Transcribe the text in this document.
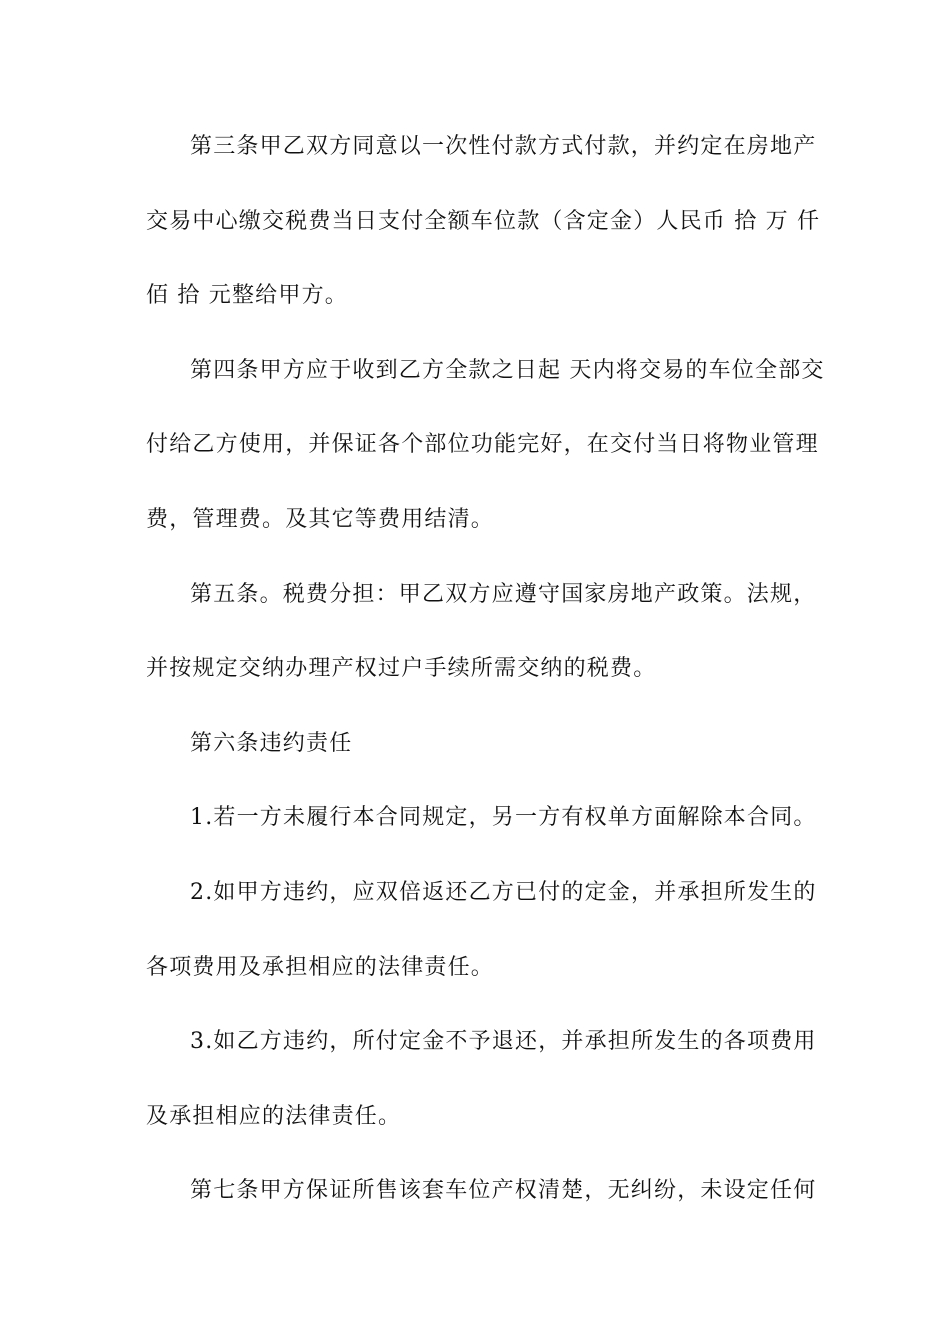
第三条甲乙双方同意以一次性付款方式付款，并约定在房地产
交易中心缴交税费当日支付全额车位款（含定金）人民币 拾 万 仟
佰 拾 元整给甲方。
第四条甲方应于收到乙方全款之日起 天内将交易的车位全部交
付给乙方使用，并保证各个部位功能完好，在交付当日将物业管理
费，管理费。及其它等费用结清。
第五条。税费分担：甲乙双方应遵守国家房地产政策。法规，
并按规定交纳办理产权过户手续所需交纳的税费。
第六条违约责任
1.若一方未履行本合同规定，另一方有权单方面解除本合同。
2.如甲方违约，应双倍返还乙方已付的定金，并承担所发生的
各项费用及承担相应的法律责任。
3.如乙方违约，所付定金不予退还，并承担所发生的各项费用
及承担相应的法律责任。
第七条甲方保证所售该套车位产权清楚，无纠纷，未设定任何
